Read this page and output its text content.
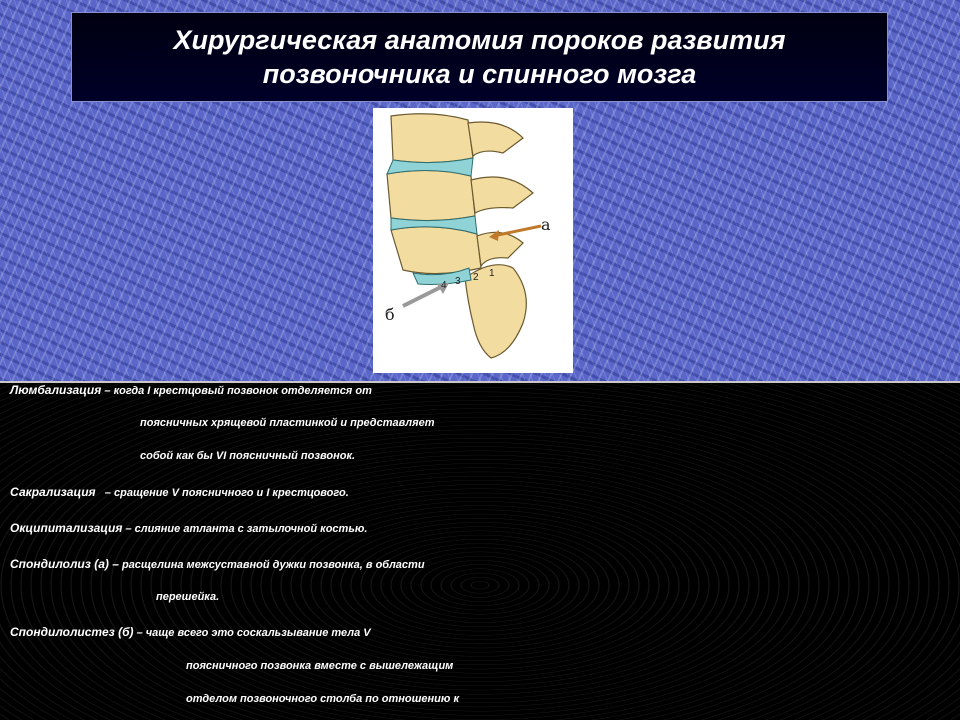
Хирургическая анатомия пороков развития
позвоночника и спинного мозга
а
б
4 3 2 1
Люмбализация – когда I крестцовый позвонок отделяется от
поясничных хрящевой пластинкой и представляет
собой как бы VI поясничный позвонок.
Сакрализация – сращение V поясничного и I крестцового.
Окципитализация – слияние атланта с затылочной костью.
Спондилолиз (а) – расщелина межсуставной дужки позвонка, в области
перешейка.
Спондилолистез (б) – чаще всего это соскальзывание тела V
поясничного позвонка вместе с вышележащим
отделом позвоночного столба по отношению к
